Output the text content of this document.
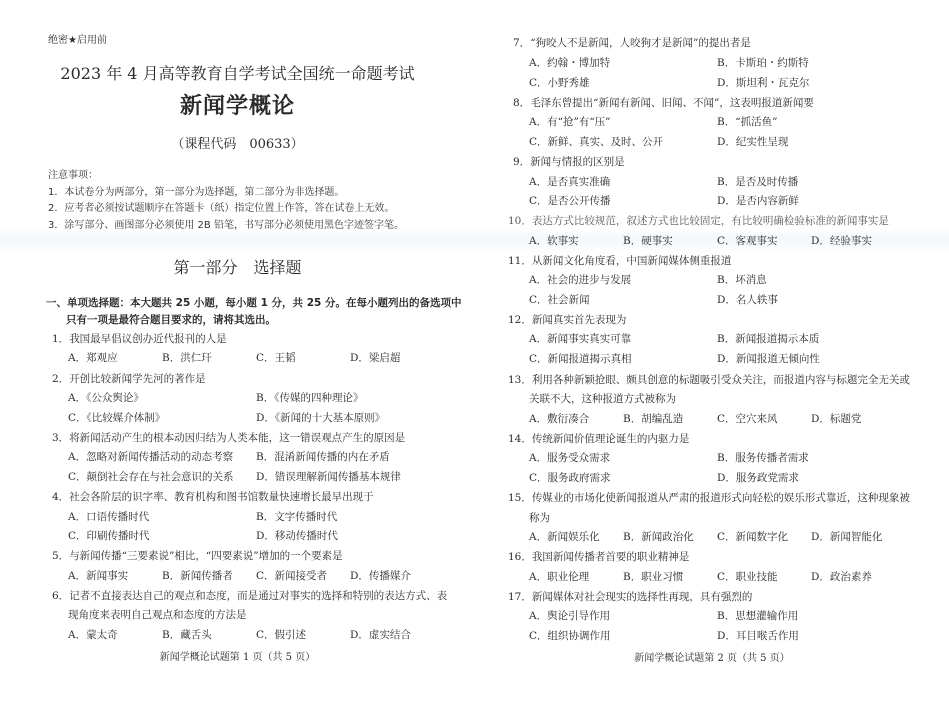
绝密★启用前
2023 年 4 月高等教育自学考试全国统一命题考试
新闻学概论
（课程代码　00633）
注意事项：
1．本试卷分为两部分，第一部分为选择题，第二部分为非选择题。
2．应考者必须按试题顺序在答题卡（纸）指定位置上作答，答在试卷上无效。
3．涂写部分、画图部分必须使用 2B 铅笔，书写部分必须使用黑色字迹签字笔。
第一部分　选择题
一、单项选择题：本大题共 25 小题，每小题 1 分，共 25 分。在每小题列出的备选项中
只有一项是最符合题目要求的，请将其选出。
1．我国最早倡议创办近代报刊的人是
A．郑观应	B．洪仁玕	C．王韬	D．梁启超
2．开创比较新闻学先河的著作是
A．《公众舆论》	B．《传媒的四种理论》
C．《比较媒介体制》	D．《新闻的十大基本原则》
3．将新闻活动产生的根本动因归结为人类本能，这一错误观点产生的原因是
A．忽略对新闻传播活动的动态考察 B．混淆新闻传播的内在矛盾
C．颠倒社会存在与社会意识的关系 D．错误理解新闻传播基本规律
4．社会各阶层的识字率、教育机构和图书馆数量快速增长最早出现于
A．口语传播时代	B．文字传播时代
C．印刷传播时代	D．移动传播时代
5．与新闻传播“三要素说”相比，“四要素说”增加的一个要素是
A．新闻事实	B．新闻传播者 C．新闻接受者 D．传播媒介
6．记者不直接表达自己的观点和态度，而是通过对事实的选择和特别的表达方式、表
现角度来表明自己观点和态度的方法是
A．蒙太奇	B．藏舌头	C．假引述	D．虚实结合
新闻学概论试题第 1 页（共 5 页）
7．“狗咬人不是新闻，人咬狗才是新闻”的提出者是
A．约翰・博加特	B．卡斯珀・约斯特
C．小野秀雄	D．斯坦利・瓦克尔
8．毛泽东曾提出“新闻有新闻、旧闻、不闻”，这表明报道新闻要
A．有“抢”有“压”	B．“抓活鱼”
C．新鲜、真实、及时、公开	D．纪实性呈现
9．新闻与情报的区别是
A．是否真实准确	B．是否及时传播
C．是否公开传播	D．是否内容新鲜
10．表达方式比较规范，叙述方式也比较固定，有比较明确检验标准的新闻事实是
A．软事实	B．硬事实	C．客观事实	D．经验事实
11．从新闻文化角度看，中国新闻媒体侧重报道
A．社会的进步与发展	B．坏消息
C．社会新闻	D．名人轶事
12．新闻真实首先表现为
A．新闻事实真实可靠	B．新闻报道揭示本质
C．新闻报道揭示真相	D．新闻报道无倾向性
13．利用各种新颖抢眼、颇具创意的标题吸引受众关注，而报道内容与标题完全无关或
关联不大，这种报道方式被称为
A．敷衍凑合	B．胡编乱造	C．空穴来风	D．标题党
14．传统新闻价值理论诞生的内驱力是
A．服务受众需求	B．服务传播者需求
C．服务政府需求	D．服务政党需求
15．传媒业的市场化使新闻报道从严肃的报道形式向轻松的娱乐形式靠近，这种现象被
称为
A．新闻娱乐化 B．新闻政治化 C．新闻数字化 D．新闻智能化
16．我国新闻传播者首要的职业精神是
A．职业伦理	B．职业习惯	C．职业技能	D．政治素养
17．新闻媒体对社会现实的选择性再现，具有强烈的
A．舆论引导作用	B．思想灌输作用
C．组织协调作用	D．耳目喉舌作用
新闻学概论试题第 2 页（共 5 页）
